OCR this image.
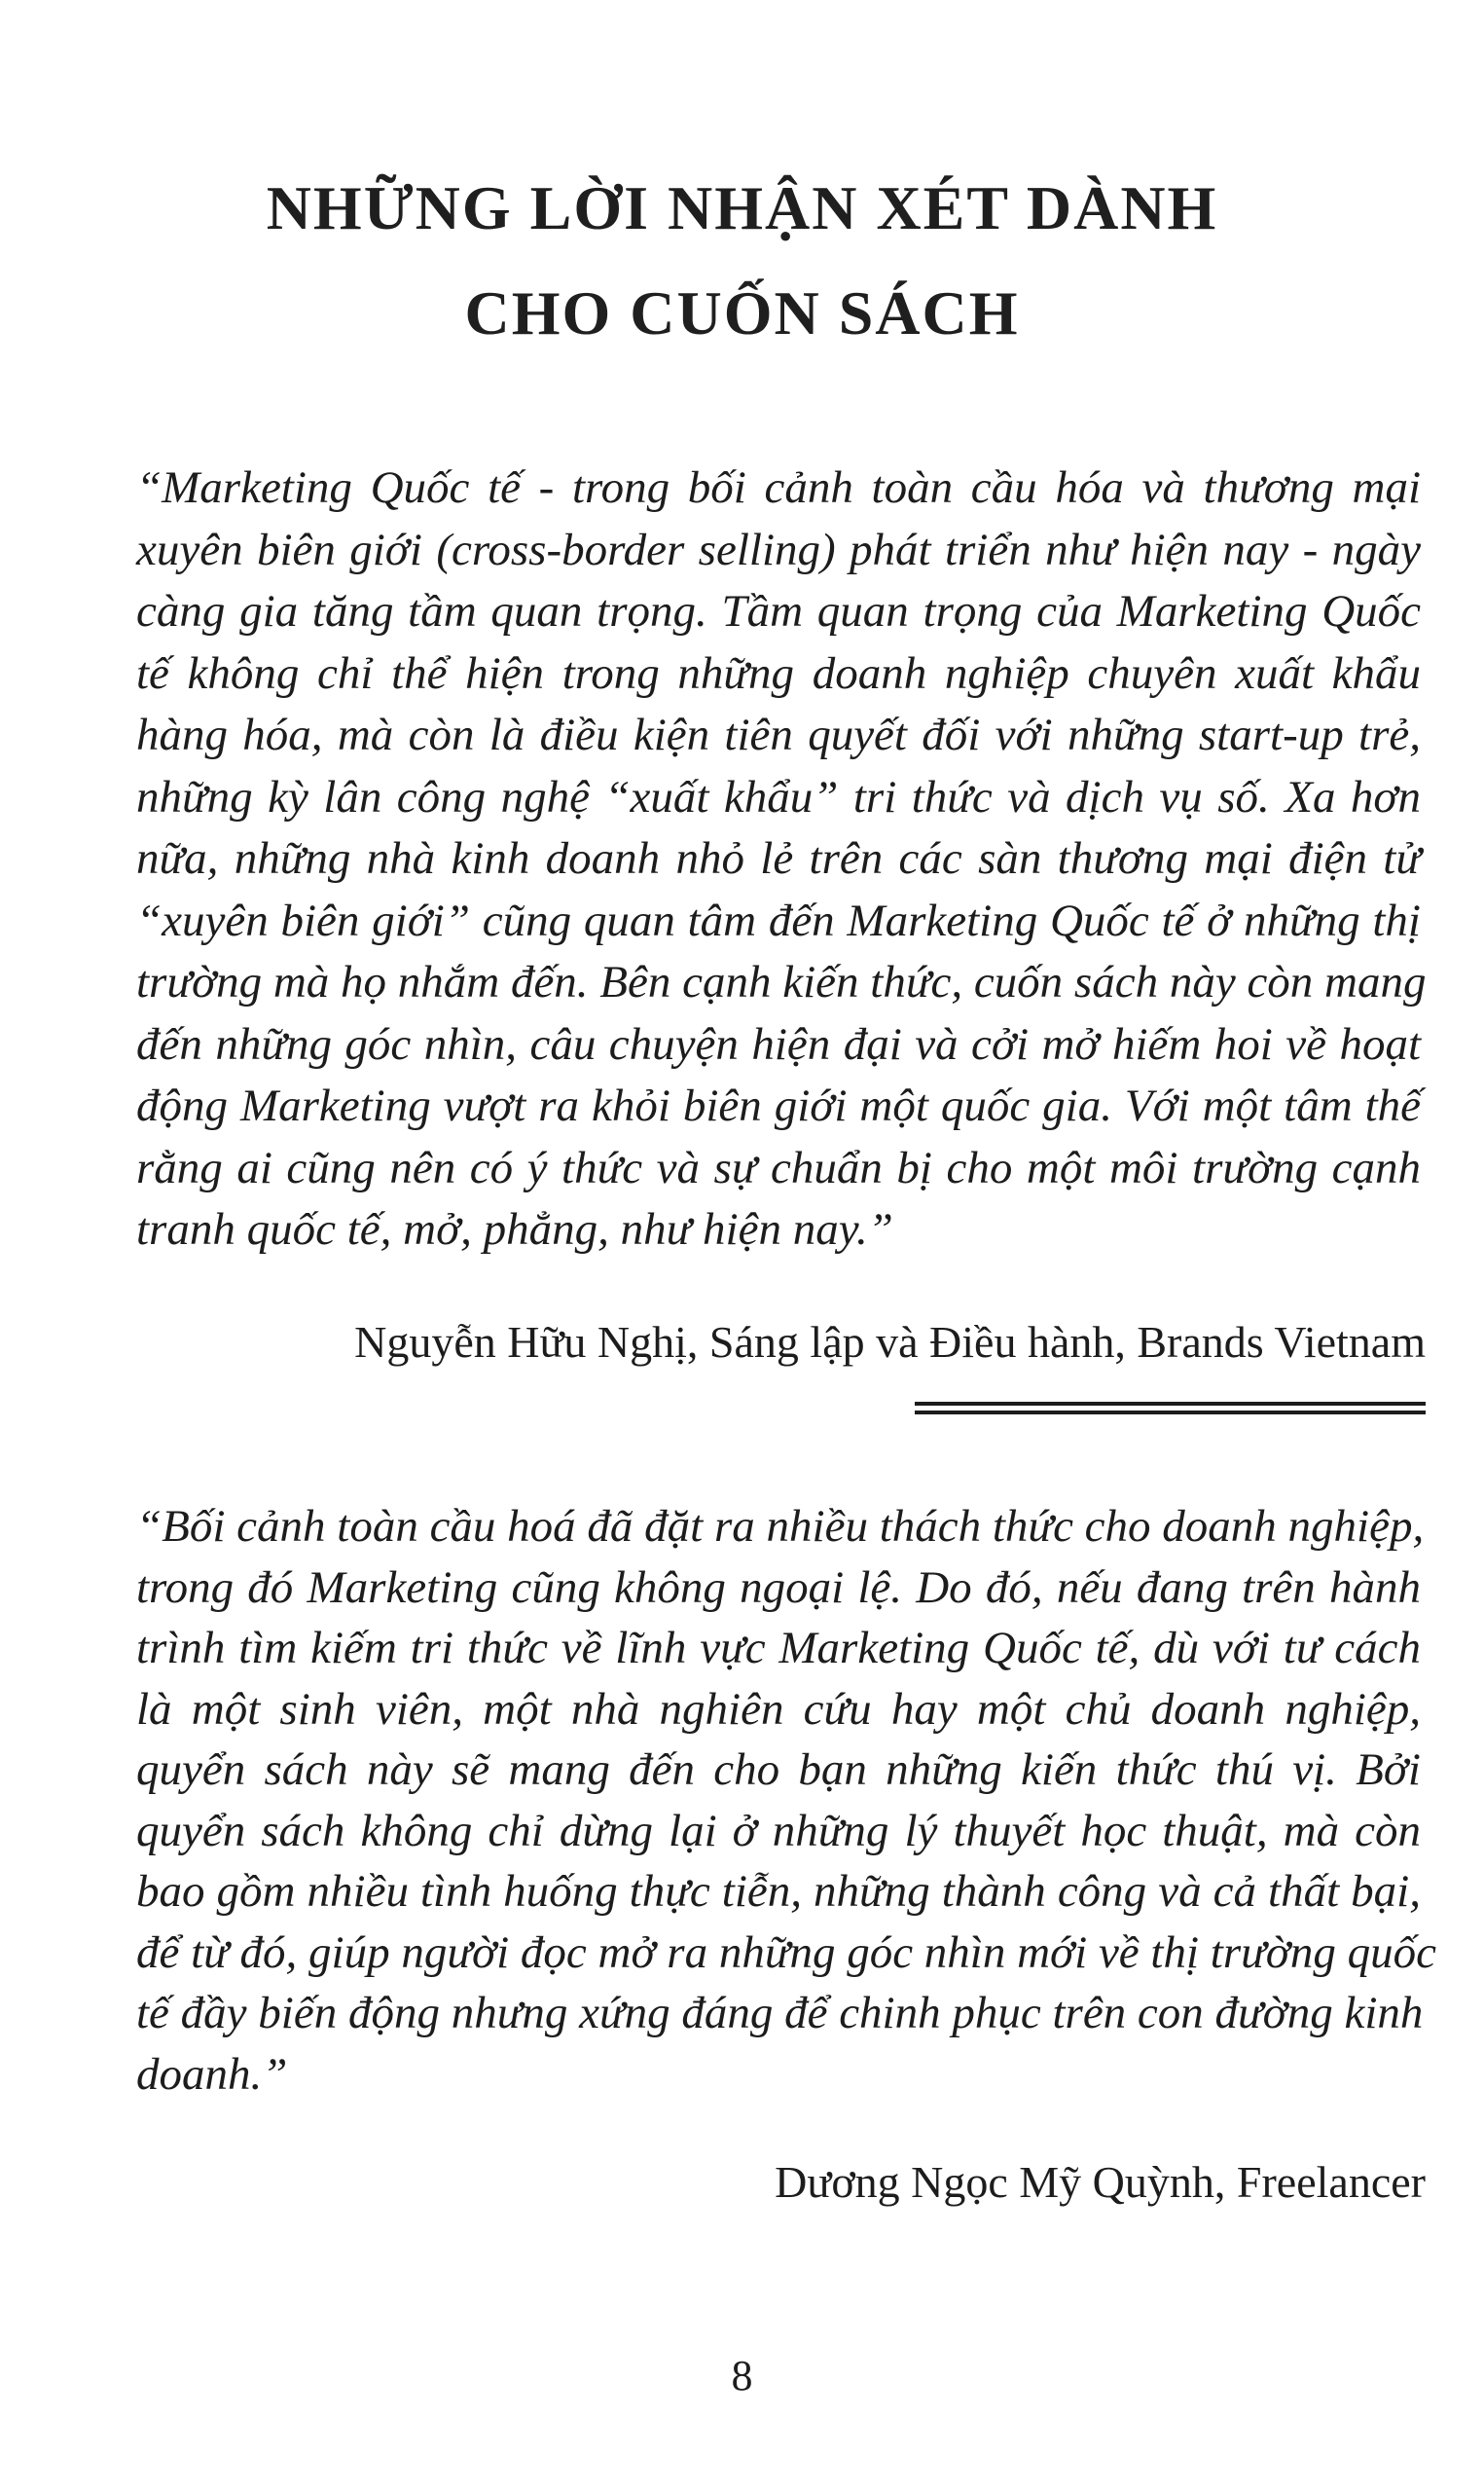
NHỮNG LỜI NHẬN XÉT DÀNH
CHO CUỐN SÁCH
“Marketing Quốc tế - trong bối cảnh toàn cầu hóa và thương mại
xuyên biên giới (cross-border selling) phát triển như hiện nay - ngày
càng gia tăng tầm quan trọng. Tầm quan trọng của Marketing Quốc
tế không chỉ thể hiện trong những doanh nghiệp chuyên xuất khẩu
hàng hóa, mà còn là điều kiện tiên quyết đối với những start-up trẻ,
những kỳ lân công nghệ “xuất khẩu” tri thức và dịch vụ số. Xa hơn
nữa, những nhà kinh doanh nhỏ lẻ trên các sàn thương mại điện tử
“xuyên biên giới” cũng quan tâm đến Marketing Quốc tế ở những thị
trường mà họ nhắm đến. Bên cạnh kiến thức, cuốn sách này còn mang
đến những góc nhìn, câu chuyện hiện đại và cởi mở hiếm hoi về hoạt
động Marketing vượt ra khỏi biên giới một quốc gia. Với một tâm thế
rằng ai cũng nên có ý thức và sự chuẩn bị cho một môi trường cạnh
tranh quốc tế, mở, phẳng, như hiện nay.”
Nguyễn Hữu Nghị, Sáng lập và Điều hành, Brands Vietnam
“Bối cảnh toàn cầu hoá đã đặt ra nhiều thách thức cho doanh nghiệp,
trong đó Marketing cũng không ngoại lệ. Do đó, nếu đang trên hành
trình tìm kiếm tri thức về lĩnh vực Marketing Quốc tế, dù với tư cách
là một sinh viên, một nhà nghiên cứu hay một chủ doanh nghiệp,
quyển sách này sẽ mang đến cho bạn những kiến thức thú vị. Bởi
quyển sách không chỉ dừng lại ở những lý thuyết học thuật, mà còn
bao gồm nhiều tình huống thực tiễn, những thành công và cả thất bại,
để từ đó, giúp người đọc mở ra những góc nhìn mới về thị trường quốc
tế đầy biến động nhưng xứng đáng để chinh phục trên con đường kinh
doanh.”
Dương Ngọc Mỹ Quỳnh, Freelancer
8
